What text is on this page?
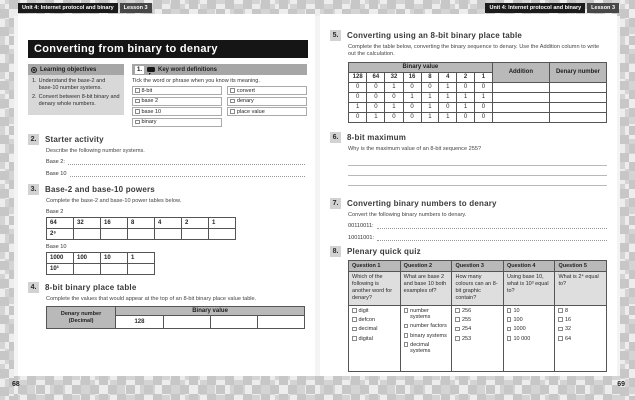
Unit 4: Internet protocol and binary	Lesson 3	Unit 4: Internet protocol and binary	Lesson 3
68	69
Converting from binary to denary
Learning objectives
1. Understand the base-2 and base-10 number systems.
2. Convert between 8-bit binary and denary whole numbers.
1.	Key word definitions
Tick the word or phrase when you know its meaning.
8-bit
base 2
base 10
binary
convert
denary
place value
2.	Starter activity

Describe the following number systems.

Base 2:
Base 10
3.	Base-2 and base-10 powers

Complete the base-2 and base-10 power tables below.

Base 2
64	32	16	8	4	2	1
2⁶						
Base 10
1000	100	10	1
10³			
4.	8-bit binary place table

Complete the values that would appear at the top of an 8-bit binary place value table.

Denary number
(Decimal)	Binary value			
	128			
5.	Converting using an 8-bit binary place table

Complete the table below, converting the binary sequence to denary. Use the Addition column to write out the calculation.

Binary value								Addition	Denary number
128	64	32	16	8	4	2	1		
0	0	1	0	0	1	0	0		
0	0	0	1	1	1	1	1		
1	0	1	0	1	0	1	0		
0	1	0	0	1	1	0	0		
6.	8-bit maximum

Why is the maximum value of an 8-bit sequence 255?

7.	Converting binary numbers to denary

Convert the following binary numbers to denary.

00110011:
10011001:
8.	Plenary quick quiz
Question 1	Question 2	Question 3	Question 4	Question 5
Which of the following is another word for denary?	What are base 2 and base 10 both examples of?	How many colours can an 8-bit graphic contain?	Using base 10, what is 10³ equal to?	What is 2⁴ equal to?

digit
defcon
decimal
digital

number systems
number factors
binary systems
decimal systems

256
255
254
253

10
100
1000
10 000

8
16
32
64
